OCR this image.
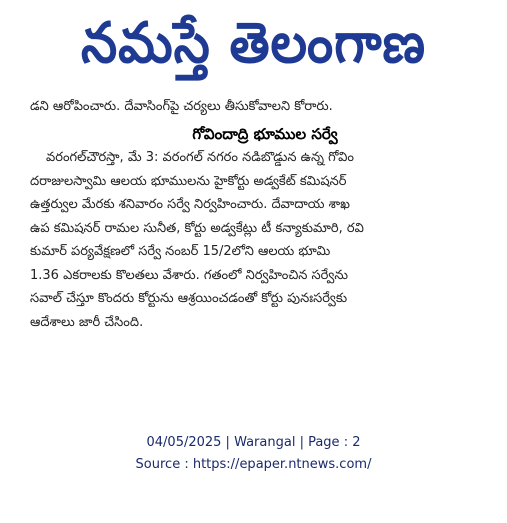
నమస్తే తెలంగాణ
డని ఆరోపించారు. దేవాసింగ్‌పై చర్యలు తీసుకోవాలని కోరారు.
గోవిందాద్రి భూముల సర్వే
వరంగల్‌చౌరస్తా, మే 3: వరంగల్ నగరం నడిబొడ్డున ఉన్న గోవిం
దరాజులస్వామి ఆలయ భూములను హైకోర్టు అడ్వకేట్ కమిషనర్
ఉత్తర్వుల మేరకు శనివారం సర్వే నిర్వహించారు. దేవాదాయ శాఖ
ఉప కమిషనర్ రామల సునీత, కోర్టు అడ్వకేట్లు టీ కన్యాకుమారి, రవి
కుమార్ పర్యవేక్షణలో సర్వే నంబర్ 15/2లోని ఆలయ భూమి
1.36 ఎకరాలకు కొలతలు వేశారు. గతంలో నిర్వహించిన సర్వేను
సవాల్ చేస్తూ కొందరు కోర్టును ఆశ్రయించడంతో కోర్టు పునఃసర్వేకు
ఆదేశాలు జారీ చేసింది.
04/05/2025 | Warangal | Page : 2
Source : https://epaper.ntnews.com/
